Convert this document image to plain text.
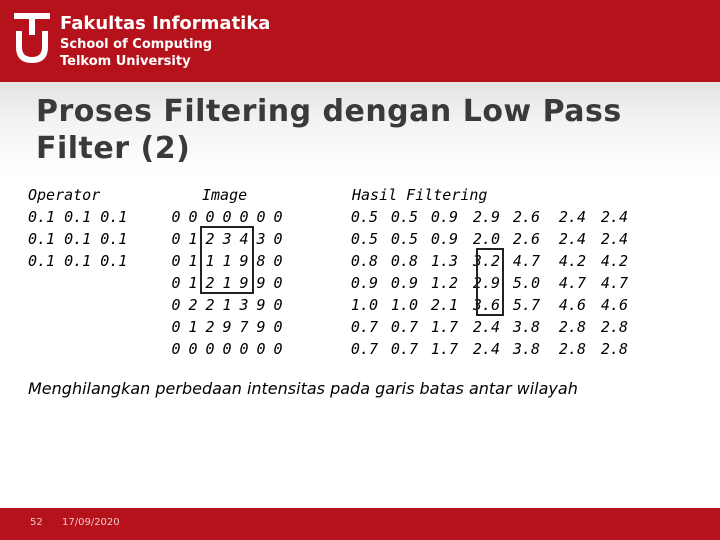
Fakultas Informatika
School of Computing
Telkom University
Proses Filtering dengan Low Pass
Filter (2)
Operator
0.1 0.1 0.1
0.1 0.1 0.1
0.1 0.1 0.1
Image
0 0 0 0 0 0 0
0 1 2 3 4 3 0
0 1 1 1 9 8 0
0 1 2 1 9 9 0
0 2 2 1 3 9 0
0 1 2 9 7 9 0
0 0 0 0 0 0 0
Hasil Filtering
0.5 0.5 0.9 2.9 2.6	2.4 2.4
0.5 0.5 0.9 2.0 2.6	2.4 2.4
0.8 0.8 1.3 3.2 4.7	4.2 4.2
0.9 0.9 1.2 2.9 5.0	4.7 4.7
1.0 1.0 2.1 3.6 5.7	4.6 4.6
0.7 0.7 1.7 2.4 3.8	2.8 2.8
0.7 0.7 1.7 2.4 3.8	2.8 2.8
Menghilangkan perbedaan intensitas pada garis batas antar wilayah
52 17/09/2020
